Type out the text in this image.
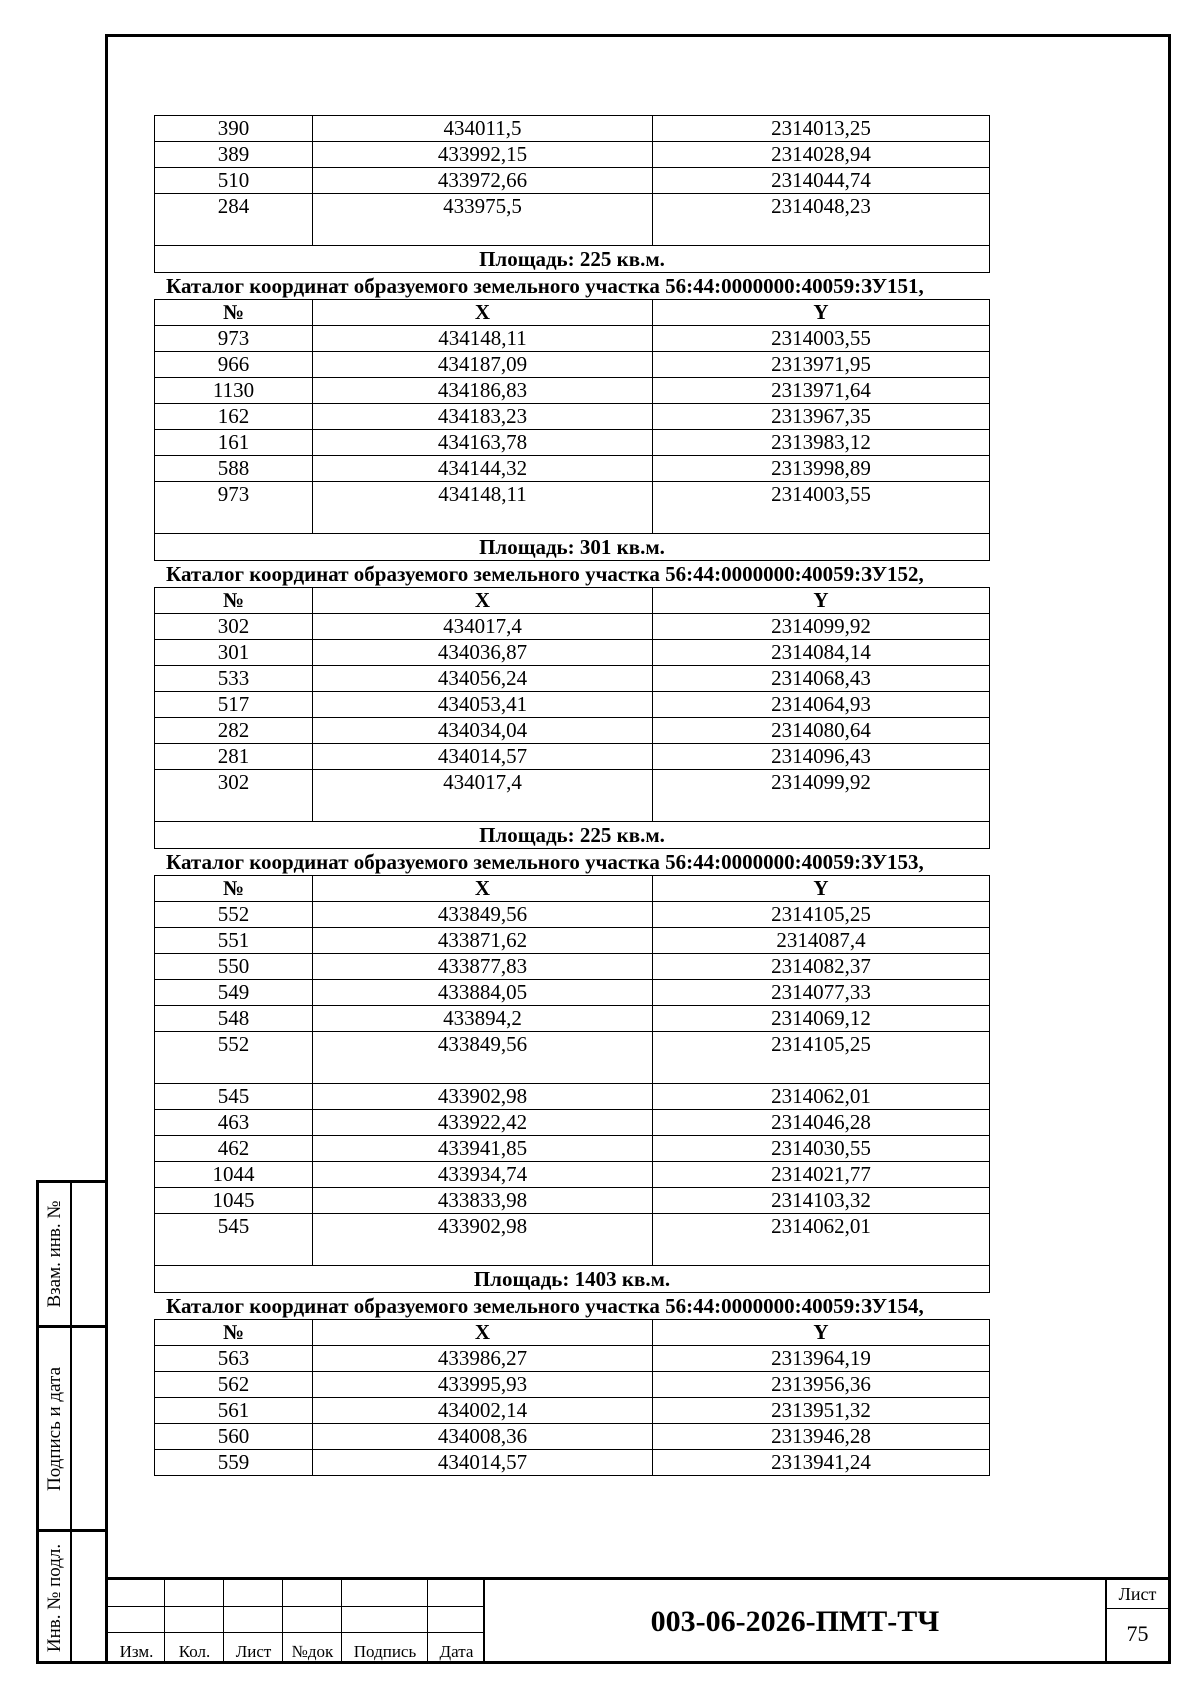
390	434011,5	2314013,25
389	433992,15	2314028,94
510	433972,66	2314044,74
284	433975,5	2314048,23
Площадь: 225 кв.м.
Каталог координат образуемого земельного участка 56:44:0000000:40059:ЗУ151,
№	X	Y
973	434148,11	2314003,55
966	434187,09	2313971,95
1130	434186,83	2313971,64
162	434183,23	2313967,35
161	434163,78	2313983,12
588	434144,32	2313998,89
973	434148,11	2314003,55
Площадь: 301 кв.м.
Каталог координат образуемого земельного участка 56:44:0000000:40059:ЗУ152,
№	X	Y
302	434017,4	2314099,92
301	434036,87	2314084,14
533	434056,24	2314068,43
517	434053,41	2314064,93
282	434034,04	2314080,64
281	434014,57	2314096,43
302	434017,4	2314099,92
Площадь: 225 кв.м.
Каталог координат образуемого земельного участка 56:44:0000000:40059:ЗУ153,
№	X	Y
552	433849,56	2314105,25
551	433871,62	2314087,4
550	433877,83	2314082,37
549	433884,05	2314077,33
548	433894,2	2314069,12
552	433849,56	2314105,25
545	433902,98	2314062,01
463	433922,42	2314046,28
462	433941,85	2314030,55
1044	433934,74	2314021,77
1045	433833,98	2314103,32
545	433902,98	2314062,01
Площадь: 1403 кв.м.
Каталог координат образуемого земельного участка 56:44:0000000:40059:ЗУ154,
№	X	Y
563	433986,27	2313964,19
562	433995,93	2313956,36
561	434002,14	2313951,32
560	434008,36	2313946,28
559	434014,57	2313941,24
Взам. инв. №
Подпись и дата
Инв. № подл.	Изм.	Кол.	Лист	№док	Подпись	Дата
003-06-2026-ПМТ-ТЧ
Лист
75
